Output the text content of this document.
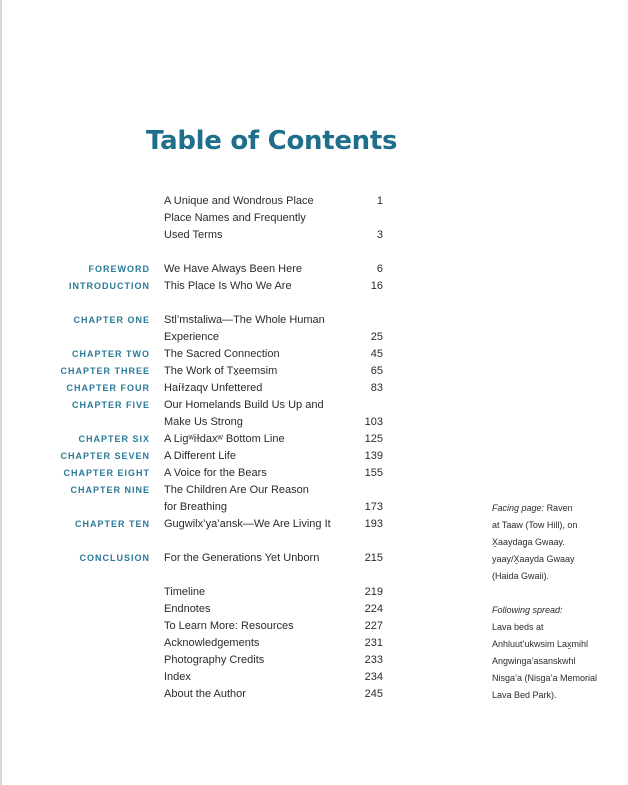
Table of Contents
A Unique and Wondrous Place	1
Place Names and Frequently
Used Terms	3
FOREWORD We Have Always Been Here	6
INTRODUCTION This Place Is Who We Are	16
CHAPTER ONE Stl’mstaliwa—The Whole Human
Experience	25
CHAPTER TWO The Sacred Connection	45
CHAPTER THREE The Work of Tx̱eemsim	65
CHAPTER FOUR Haíɫzaqv Unfettered	83
CHAPTER FIVE Our Homelands Build Us Up and
Make Us Strong	103
CHAPTER SIX A Ligʷiɫdaxʷ Bottom Line	125
CHAPTER SEVEN A Different Life	139
CHAPTER EIGHT A Voice for the Bears	155
CHAPTER NINE The Children Are Our Reason
for Breathing	173
CHAPTER TEN Gugwilx’ya’ansk—We Are Living It	193
CONCLUSION For the Generations Yet Unborn	215
Timeline	219
Endnotes	224
To Learn More: Resources	227
Acknowledgements	231
Photography Credits	233
Index	234
About the Author	245
Facing page: Raven
at Taaw (Tow Hill), on
X̱aaydag̱a Gwaay.
yaay/X̱aayda Gwaay
(Haida Gwaii).
Following spread:
Lava beds at
Anhluut’ukwsim Lax̱mihl
Angwinga’asanskwhl
Nisga’a (Nisga’a Memorial
Lava Bed Park).
